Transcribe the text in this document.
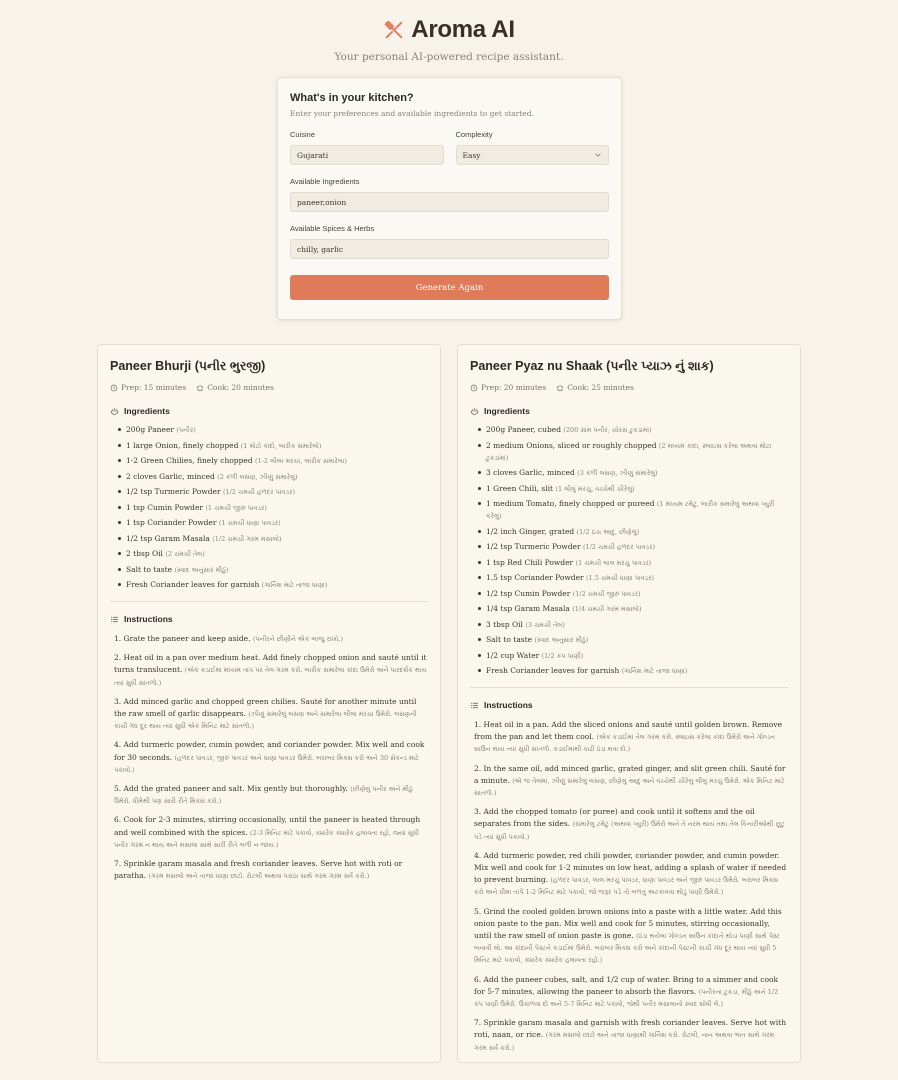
Aroma AI
Your personal AI-powered recipe assistant.
What's in your kitchen?
Enter your preferences and available ingredients to get started.
Cuisine
Gujarati
Complexity
Easy
Available Ingredients
paneer,onion
Available Spices & Herbs
chilly, garlic
Generate Again
Paneer Bhurji (પનીર ભુરજી)
Prep: 15 minutes	Cook: 20 minutes
Ingredients
200g Paneer (પનીર)
1 large Onion, finely chopped (1 મોટો કાંદો, બારીક સમારેલો)
1-2 Green Chilies, finely chopped (1-2 લીલા મરચાં, બારીક સમારેલા)
2 cloves Garlic, minced (2 કળી લસણ, ઝીણું સમારેલું)
1/2 tsp Turmeric Powder (1/2 ચમચી હળદર પાવડર)
1 tsp Cumin Powder (1 ચમચી જીરું પાવડર)
1 tsp Coriander Powder (1 ચમચી ધાણા પાવડર)
1/2 tsp Garam Masala (1/2 ચમચી ગરમ મસાલો)
2 tbsp Oil (2 ચમચી તેલ)
Salt to taste (સ્વાદ અનુસાર મીઠું)
Fresh Coriander leaves for garnish (ગાર્નિશ માટે તાજા ધાણા)
Instructions
1. Grate the paneer and keep aside. (પનીરને છીણીને એક બાજુ રાખો.)
2. Heat oil in a pan over medium heat. Add finely chopped onion and sauté until it turns translucent. (એક કડાઈમાં મધ્યમ તાપ પર તેલ ગરમ કરો. બારીક સમારેલા કાંદા ઉમેરો અને પારદર્શક થાય ત્યાં સુધી સાંતળો.)
3. Add minced garlic and chopped green chilies. Sauté for another minute until the raw smell of garlic disappears. (ઝીણું સમારેલું લસણ અને સમારેલા લીલા મરચાં ઉમેરો. લસણની કાચી ગંધ દૂર થાય ત્યાં સુધી એક મિનિટ માટે સાંતળો.)
4. Add turmeric powder, cumin powder, and coriander powder. Mix well and cook for 30 seconds. (હળદર પાવડર, જીરું પાવડર અને ધાણા પાવડર ઉમેરો. બરાબર મિક્સ કરો અને 30 સેકન્ડ માટે પકાવો.)
5. Add the grated paneer and salt. Mix gently but thoroughly. (છીણેલું પનીર અને મીઠું ઉમેરો. ધીમેથી પણ સારી રીતે મિક્સ કરો.)
6. Cook for 2-3 minutes, stirring occasionally, until the paneer is heated through and well combined with the spices. (2-3 મિનિટ માટે પકાવો, ક્યારેક ક્યારેક હલાવતા રહો, જ્યાં સુધી પનીર ગરમ ન થાય અને મસાલા સાથે સારી રીતે ભળી ન જાય.)
7. Sprinkle garam masala and fresh coriander leaves. Serve hot with roti or paratha. (ગરમ મસાલો અને તાજા ધાણા છાંટો. રોટલી અથવા પરાઠા સાથે ગરમ ગરમ સર્વ કરો.)
Paneer Pyaz nu Shaak (પનીર પ્યાઝ નું શાક)
Prep: 20 minutes	Cook: 25 minutes
Ingredients
200g Paneer, cubed (200 ગ્રામ પનીર, ચોરસ ટુકડામાં)
2 medium Onions, sliced or roughly chopped (2 મધ્યમ કાંદા, સ્લાઇસ કરેલા અથવા મોટા ટુકડામાં)
3 cloves Garlic, minced (3 કળી લસણ, ઝીણું સમારેલું)
1 Green Chili, slit (1 લીલું મરચું, વચ્ચેથી ચીરેલું)
1 medium Tomato, finely chopped or pureed (1 મધ્યમ ટમેટું, બારીક સમારેલું અથવા પ્યુરી કરેલું)
1/2 inch Ginger, grated (1/2 ઇંચ આદુ, છીણેલું)
1/2 tsp Turmeric Powder (1/2 ચમચી હળદર પાવડર)
1 tsp Red Chili Powder (1 ચમચી લાલ મરચું પાવડર)
1.5 tsp Coriander Powder (1.5 ચમચી ધાણા પાવડર)
1/2 tsp Cumin Powder (1/2 ચમચી જીરું પાવડર)
1/4 tsp Garam Masala (1/4 ચમચી ગરમ મસાલો)
3 tbsp Oil (3 ચમચી તેલ)
Salt to taste (સ્વાદ અનુસાર મીઠું)
1/2 cup Water (1/2 કપ પાણી)
Fresh Coriander leaves for garnish (ગાર્નિશ માટે તાજા ધાણા)
Instructions
1. Heat oil in a pan. Add the sliced onions and sauté until golden brown. Remove from the pan and let them cool. (એક કડાઈમાં તેલ ગરમ કરો. સ્લાઇસ કરેલા કાંદા ઉમેરો અને ગોલ્ડન બ્રાઉન થાય ત્યાં સુધી સાંતળો. કડાઈમાંથી કાઢી ઠંડા થવા દો.)
2. In the same oil, add minced garlic, grated ginger, and slit green chili. Sauté for a minute. (એ જ તેલમાં, ઝીણું સમારેલું લસણ, છીણેલું આદુ અને વચ્ચેથી ચીરેલું લીલું મરચું ઉમેરો. એક મિનિટ માટે સાંતળો.)
3. Add the chopped tomato (or puree) and cook until it softens and the oil separates from the sides. (સમારેલું ટમેટું (અથવા પ્યુરી) ઉમેરો અને તે નરમ થાય તથા તેલ કિનારીઓથી છૂટું પડે ત્યાં સુધી પકાવો.)
4. Add turmeric powder, red chili powder, coriander powder, and cumin powder. Mix well and cook for 1-2 minutes on low heat, adding a splash of water if needed to prevent burning. (હળદર પાવડર, લાલ મરચું પાવડર, ધાણા પાવડર અને જીરું પાવડર ઉમેરો. બરાબર મિક્સ કરો અને ધીમા તાપે 1-2 મિનિટ માટે પકાવો, જો જરૂર પડે તો બળતું અટકાવવા થોડું પાણી ઉમેરો.)
5. Grind the cooled golden brown onions into a paste with a little water. Add this onion paste to the pan. Mix well and cook for 5 minutes, stirring occasionally, until the raw smell of onion paste is gone. (ઠંડા થયેલા ગોલ્ડન બ્રાઉન કાંદાને થોડા પાણી સાથે પેસ્ટ બનાવી લો. આ કાંદાની પેસ્ટને કડાઈમાં ઉમેરો. બરાબર મિક્સ કરો અને કાંદાની પેસ્ટની કાચી ગંધ દૂર થાય ત્યાં સુધી 5 મિનિટ માટે પકાવો, ક્યારેક ક્યારેક હલાવતા રહો.)
6. Add the paneer cubes, salt, and 1/2 cup of water. Bring to a simmer and cook for 5-7 minutes, allowing the paneer to absorb the flavors. (પનીરના ટુકડા, મીઠું અને 1/2 કપ પાણી ઉમેરો. ઉકાળવા દો અને 5-7 મિનિટ માટે પકાવો, જેથી પનીર મસાલાનો સ્વાદ શોષી લે.)
7. Sprinkle garam masala and garnish with fresh coriander leaves. Serve hot with roti, naan, or rice. (ગરમ મસાલો છાંટો અને તાજા ધાણાથી ગાર્નિશ કરો. રોટલી, નાન અથવા ભાત સાથે ગરમ ગરમ સર્વ કરો.)
